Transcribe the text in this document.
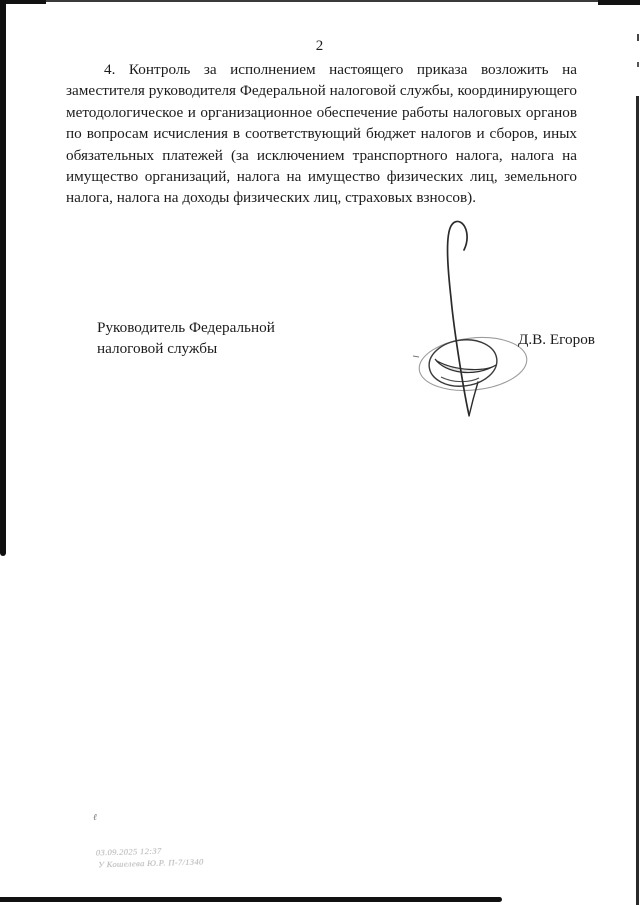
2

4. Контроль за исполнением настоящего приказа возложить на заместителя руководителя Федеральной налоговой службы, координирующего методологическое и организационное обеспечение работы налоговых органов по вопросам исчисления в соответствующий бюджет налогов и сборов, иных обязательных платежей (за исключением транспортного налога, налога на имущество организаций, налога на имущество физических лиц, земельного налога, налога на доходы физических лиц, страховых взносов).

Руководитель Федеральной
налоговой службы
Д.В. Егоров
03.09.2025 12:37
У Кошелева Ю.Р. П-7/1340
ℓ
